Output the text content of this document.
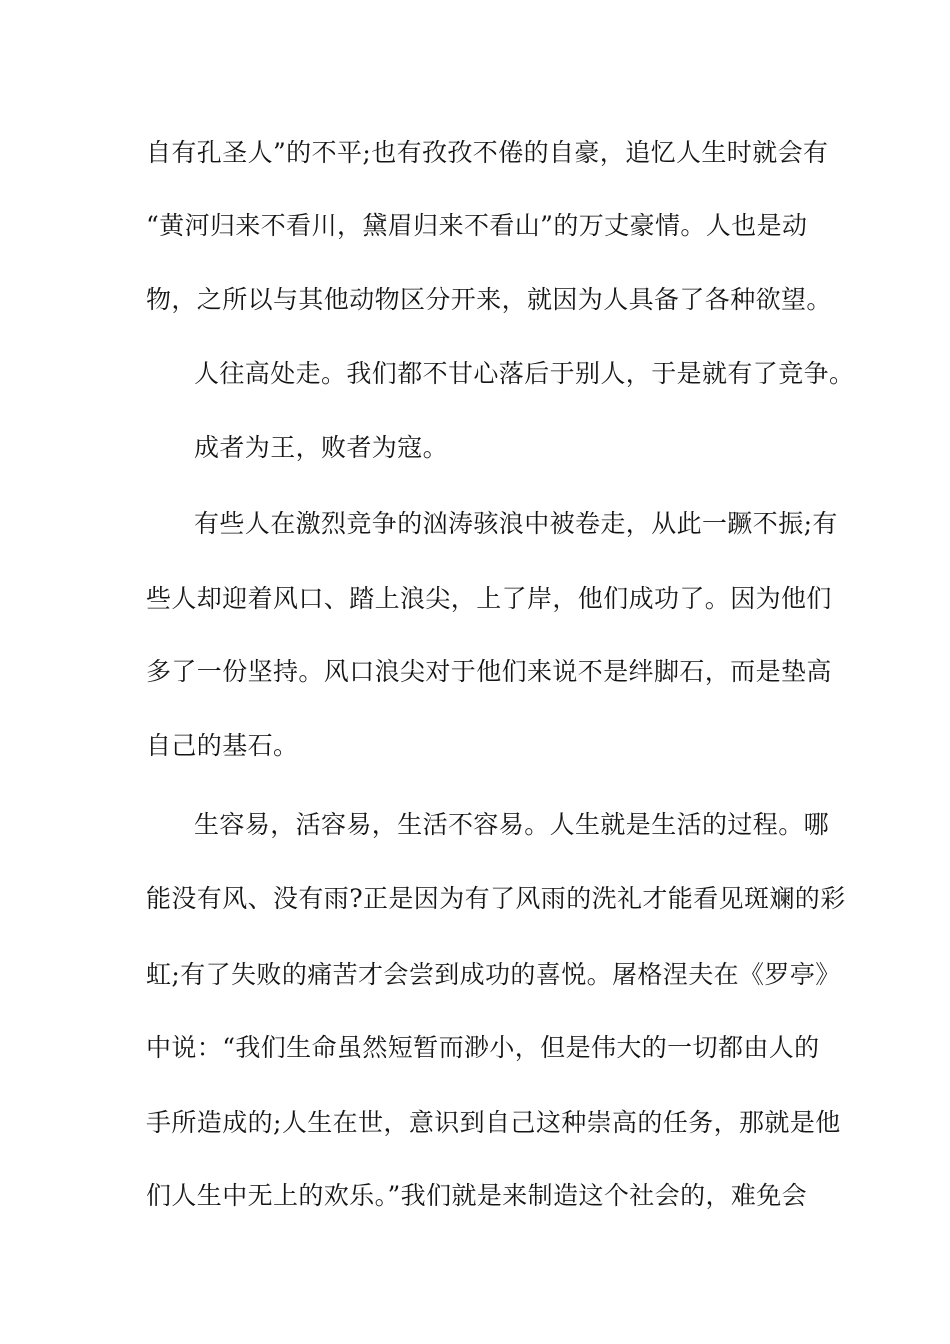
自有孔圣人”的不平;也有孜孜不倦的自豪，追忆人生时就会有
“黄河归来不看川，黛眉归来不看山”的万丈豪情。人也是动
物，之所以与其他动物区分开来，就因为人具备了各种欲望。
人往高处走。我们都不甘心落后于别人，于是就有了竞争。
成者为王，败者为寇。
有些人在激烈竞争的汹涛骇浪中被卷走，从此一蹶不振;有
些人却迎着风口、踏上浪尖，上了岸，他们成功了。因为他们
多了一份坚持。风口浪尖对于他们来说不是绊脚石，而是垫高
自己的基石。
生容易，活容易，生活不容易。人生就是生活的过程。哪
能没有风、没有雨?正是因为有了风雨的洗礼才能看见斑斓的彩
虹;有了失败的痛苦才会尝到成功的喜悦。屠格涅夫在《罗亭》
中说：“我们生命虽然短暂而渺小，但是伟大的一切都由人的
手所造成的;人生在世，意识到自己这种崇高的任务，那就是他
们人生中无上的欢乐。”我们就是来制造这个社会的，难免会
